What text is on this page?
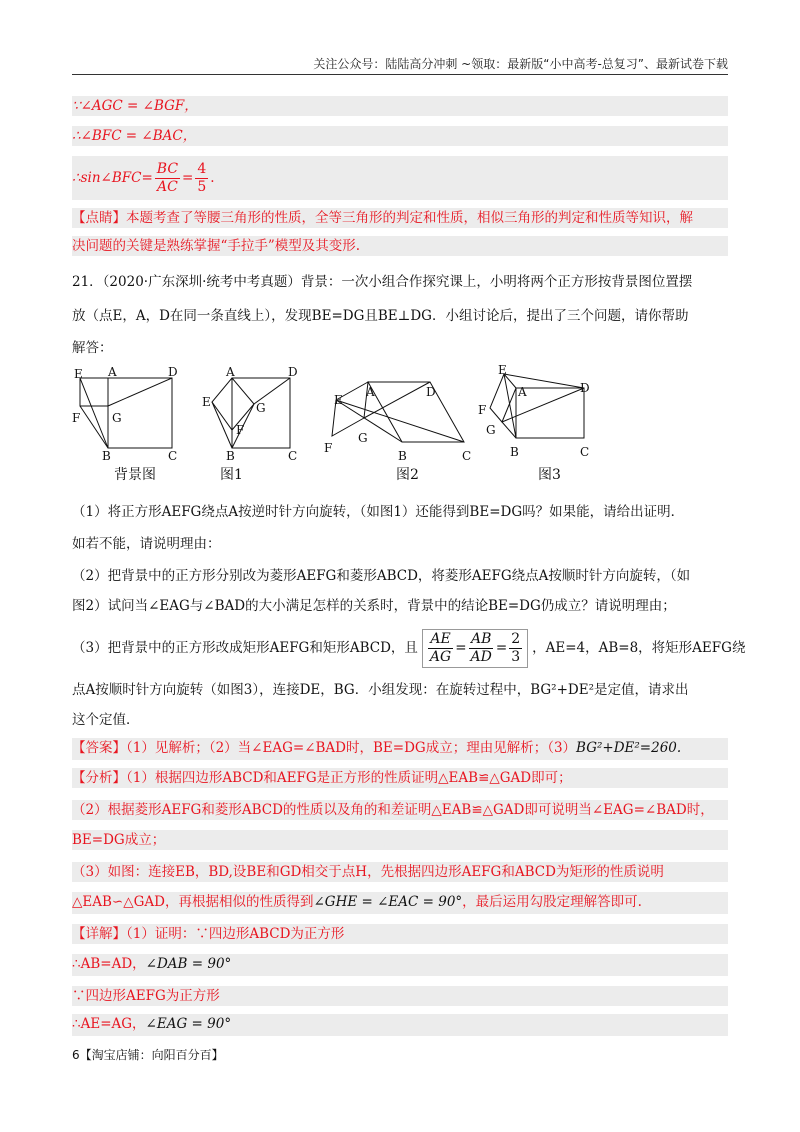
关注公众号：陆陆高分冲刺 ~领取：最新版“小中高考-总复习”、最新试卷下载
∵∠AGC = ∠BGF，
∴∠BFC = ∠BAC，
∴sin∠BFC= $\frac{BC}{AC} = \frac{4}{5}$ .
【点睛】本题考查了等腰三角形的性质，全等三角形的判定和性质，相似三角形的判定和性质等知识，解
决问题的关键是熟练掌握“手拉手”模型及其变形.
21．（2020·广东深圳·统考中考真题）背景：一次小组合作探究课上，小明将两个正方形按背景图位置摆
放（点E，A，D在同一条直线上），发现BE=DG且BE⊥DG．小组讨论后，提出了三个问题，请你帮助
解答：
E A	D
F	G
B	C
A	D
E	G
F
B	C
E
A	D
G
F
B	C
E
D
A
F
G
B	C
背景图	图1	图2	图3
（1）将正方形AEFG绕点A按逆时针方向旋转，（如图1）还能得到BE=DG吗？如果能，请给出证明．
如若不能，请说明理由：
（2）把背景中的正方形分别改为菱形AEFG和菱形ABCD，将菱形AEFG绕点A按顺时针方向旋转，（如
图2）试问当∠EAG与∠BAD的大小满足怎样的关系时，背景中的结论BE=DG仍成立？请说明理由；
（3）把背景中的正方形改成矩形AEFG和矩形ABCD，且 $\frac{AE}{AG} = \frac{AB}{AD} = \frac{2}{3}$ ，AE=4，AB=8，将矩形AEFG绕
点A按顺时针方向旋转（如图3），连接DE，BG．小组发现：在旋转过程中，BG²+DE²是定值，请求出
这个定值．
【答案】（1）见解析；（2）当∠EAG=∠BAD时，BE=DG成立；理由见解析；（3）BG²+DE²=260.
【分析】（1）根据四边形ABCD和AEFG是正方形的性质证明△EAB≌△GAD即可；
（2）根据菱形AEFG和菱形ABCD的性质以及角的和差证明△EAB≌△GAD即可说明当∠EAG=∠BAD时，
BE=DG成立；
（3）如图：连接EB，BD,设BE和GD相交于点H，先根据四边形AEFG和ABCD为矩形的性质说明
△EAB∽△GAD，再根据相似的性质得到∠GHE = ∠EAC = 90°，最后运用勾股定理解答即可.
【详解】（1）证明：∵四边形ABCD为正方形
∴AB=AD，∠DAB = 90°
∵四边形AEFG为正方形
∴AE=AG，∠EAG = 90°
6【淘宝店铺：向阳百分百】
